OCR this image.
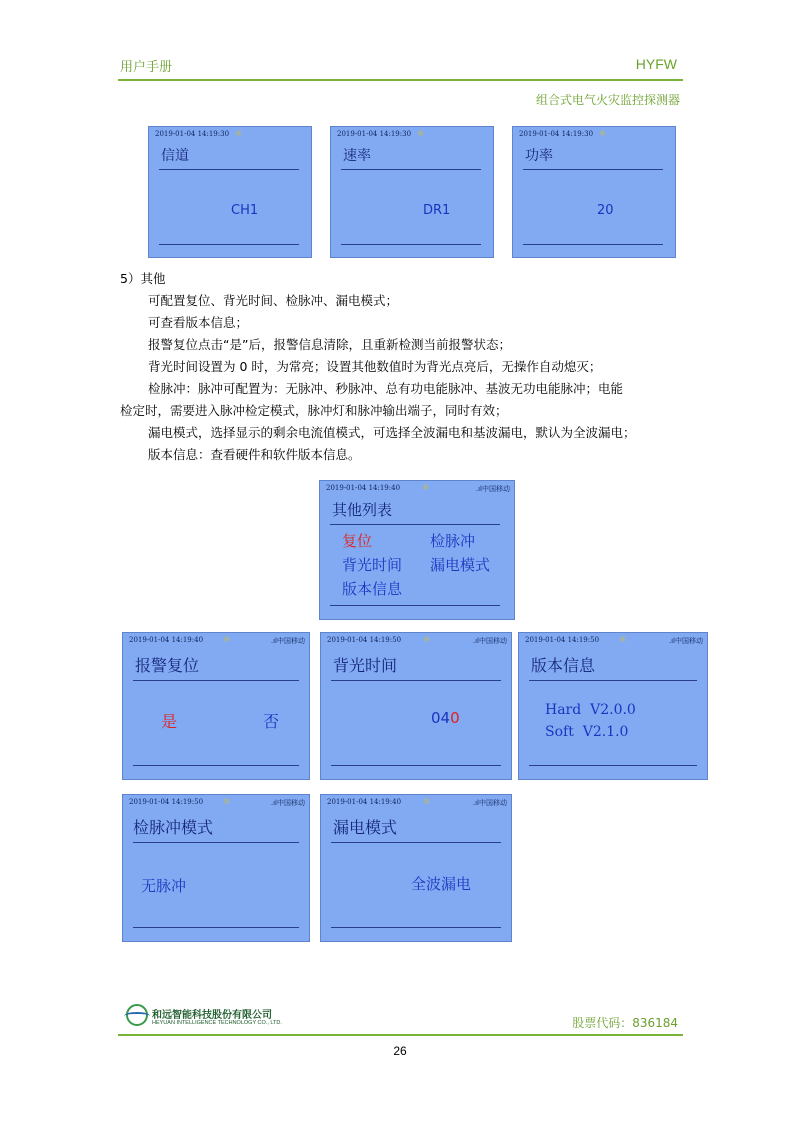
用户手册	HYFW
组合式电气火灾监控探测器
2019-01-04 14:19:30 ☼
信道
CH1
2019-01-04 14:19:30 ☼
速率
DR1
2019-01-04 14:19:30 ☼
功率
20
5）其他
可配置复位、背光时间、检脉冲、漏电模式；
可查看版本信息；
报警复位点击“是”后，报警信息清除，且重新检测当前报警状态；
背光时间设置为 0 时，为常亮；设置其他数值时为背光点亮后，无操作自动熄灭；
检脉冲：脉冲可配置为：无脉冲、秒脉冲、总有功电能脉冲、基波无功电能脉冲；电能
检定时，需要进入脉冲检定模式，脉冲灯和脉冲输出端子，同时有效；
漏电模式，选择显示的剩余电流值模式，可选择全波漏电和基波漏电，默认为全波漏电；
版本信息：查看硬件和软件版本信息。
2019-01-04 14:19:40	☼	.ıl中国移动
其他列表
复位	检脉冲
背光时间 漏电模式
版本信息
2019-01-04 14:19:40 ☼	.ıl中国移动
报警复位
是	否
2019-01-04 14:19:50	☼	.ıl中国移动
背光时间
040
2019-01-04 14:19:50 ☼	.ıl中国移动
版本信息
Hard  V2.0.0
Soft  V2.1.0
2019-01-04 14:19:50 ☼	.ıl中国移动
检脉冲模式
无脉冲
2019-01-04 14:19:40	☼	.ıl中国移动
漏电模式
全波漏电
和远智能科技股份有限公司
HEYUAN INTELLIGENCE TECHNOLOGY CO., LTD.	股票代码：836184
26
